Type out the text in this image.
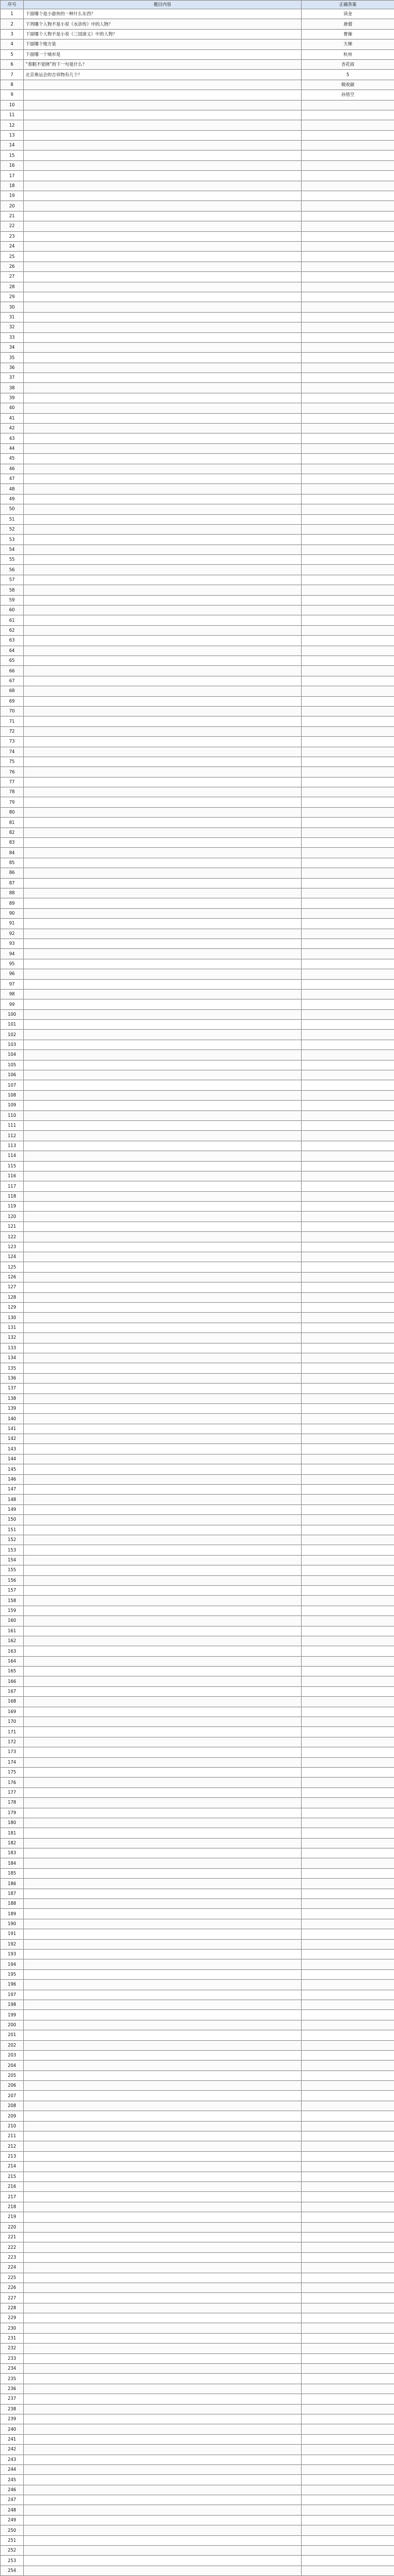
序号	题目内容	正确答案
1	下面哪个是小游侠的一种什么东西？	读金
2	下列哪个人物不是小说《水浒传》中的人物？	唐僧
3	下面哪个人物不是小说《三国演义》中的人物？	曹操
4	下面哪个地方是	天梯
5	下面哪一个城市是	杭州
6	“春眠不觉晓”的下一句是什么？	杏花雨
7	北京奥运会的吉祥物有几个？	5
8		吸收碳
9		孙悟空
10		
11		
12		
13		
14		
15		
16		
17		
18		
19		
20		
21		
22		
23		
24		
25		
26		
27		
28		
29		
30		
31		
32		
33		
34		
35		
36		
37		
38		
39		
40		
41		
42		
43		
44		
45		
46		
47		
48		
49		
50		
51		
52		
53		
54		
55		
56		
57		
58		
59		
60		
61		
62		
63		
64		
65		
66		
67		
68		
69		
70		
71		
72		
73		
74		
75		
76		
77		
78		
79		
80		
81		
82		
83		
84		
85		
86		
87		
88		
89		
90		
91		
92		
93		
94		
95		
96		
97		
98		
99		
100		
101		
102		
103		
104		
105		
106		
107		
108		
109		
110		
111		
112		
113		
114		
115		
116		
117		
118		
119		
120		
121		
122		
123		
124		
125		
126		
127		
128		
129		
130		
131		
132		
133		
134		
135		
136		
137		
138		
139		
140		
141		
142		
143		
144		
145		
146		
147		
148		
149		
150		
151		
152		
153		
154		
155		
156		
157		
158		
159		
160		
161		
162		
163		
164		
165		
166		
167		
168		
169		
170		
171		
172		
173		
174		
175		
176		
177		
178		
179		
180		
181		
182		
183		
184		
185		
186		
187		
188		
189		
190		
191		
192		
193		
194		
195		
196		
197		
198		
199		
200		
201		
202		
203		
204		
205		
206		
207		
208		
209		
210		
211		
212		
213		
214		
215		
216		
217		
218		
219		
220		
221		
222		
223		
224		
225		
226		
227		
228		
229		
230		
231		
232		
233		
234		
235		
236		
237		
238		
239		
240		
241		
242		
243		
244		
245		
246		
247		
248		
249		
250		
251		
252		
253		
254		
